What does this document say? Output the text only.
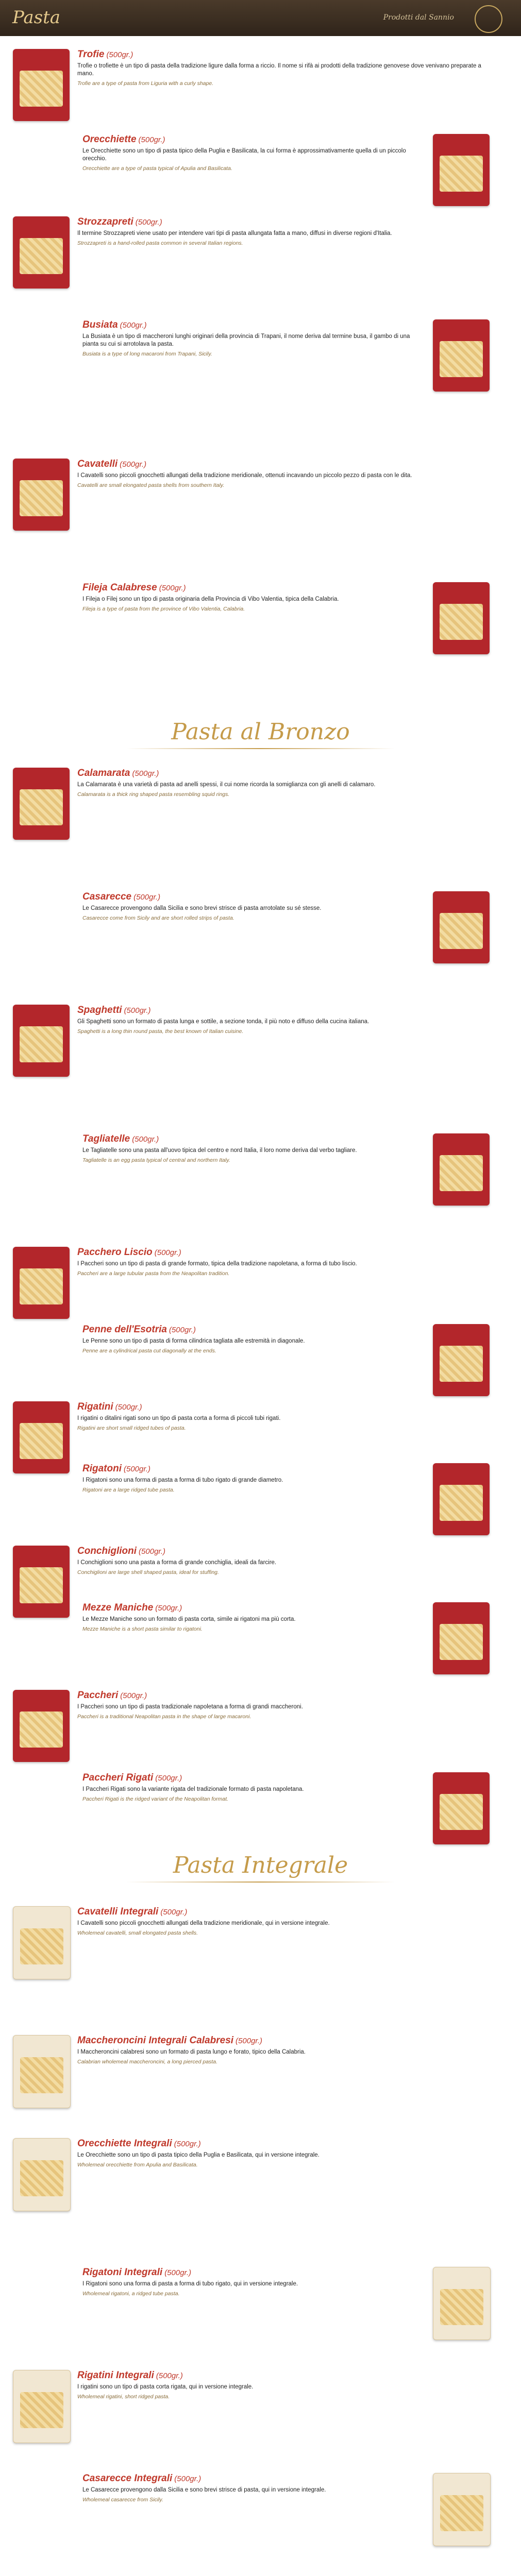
Pasta	Prodotti dal Sannio
Pasta al Bronzo
Pasta Integrale
Trofie (500gr.)
Trofie o trofiette è un tipo di pasta della tradizione ligure dalla forma a riccio. Il nome si rifà ai prodotti della tradizione genovese dove venivano preparate a mano.
Trofie are a type of pasta from Liguria with a curly shape.
Orecchiette (500gr.)
Le Orecchiette sono un tipo di pasta tipico della Puglia e Basilicata, la cui forma è approssimativamente quella di un piccolo orecchio.
Orecchiette are a type of pasta typical of Apulia and Basilicata.
Strozzapreti (500gr.)
Il termine Strozzapreti viene usato per intendere vari tipi di pasta allungata fatta a mano, diffusi in diverse regioni d'Italia.
Strozzapreti is a hand-rolled pasta common in several Italian regions.
Busiata (500gr.)
La Busiata è un tipo di maccheroni lunghi originari della provincia di Trapani, il nome deriva dal termine busa, il gambo di una pianta su cui si arrotolava la pasta.
Busiata is a type of long macaroni from Trapani, Sicily.
Cavatelli (500gr.)
I Cavatelli sono piccoli gnocchetti allungati della tradizione meridionale, ottenuti incavando un piccolo pezzo di pasta con le dita.
Cavatelli are small elongated pasta shells from southern Italy.
Fileja Calabrese (500gr.)
I Fileja o Filej sono un tipo di pasta originaria della Provincia di Vibo Valentia, tipica della Calabria.
Fileja is a type of pasta from the province of Vibo Valentia, Calabria.
Calamarata (500gr.)
La Calamarata è una varietà di pasta ad anelli spessi, il cui nome ricorda la somiglianza con gli anelli di calamaro.
Calamarata is a thick ring shaped pasta resembling squid rings.
Casarecce (500gr.)
Le Casarecce provengono dalla Sicilia e sono brevi strisce di pasta arrotolate su sé stesse.
Casarecce come from Sicily and are short rolled strips of pasta.
Spaghetti (500gr.)
Gli Spaghetti sono un formato di pasta lunga e sottile, a sezione tonda, il più noto e diffuso della cucina italiana.
Spaghetti is a long thin round pasta, the best known of Italian cuisine.
Tagliatelle (500gr.)
Le Tagliatelle sono una pasta all'uovo tipica del centro e nord Italia, il loro nome deriva dal verbo tagliare.
Tagliatelle is an egg pasta typical of central and northern Italy.
Pacchero Liscio (500gr.)
I Paccheri sono un tipo di pasta di grande formato, tipica della tradizione napoletana, a forma di tubo liscio.
Paccheri are a large tubular pasta from the Neapolitan tradition.
Penne dell'Esotria (500gr.)
Le Penne sono un tipo di pasta di forma cilindrica tagliata alle estremità in diagonale.
Penne are a cylindrical pasta cut diagonally at the ends.
Rigatini (500gr.)
I rigatini o ditalini rigati sono un tipo di pasta corta a forma di piccoli tubi rigati.
Rigatini are short small ridged tubes of pasta.
Rigatoni (500gr.)
I Rigatoni sono una forma di pasta a forma di tubo rigato di grande diametro.
Rigatoni are a large ridged tube pasta.
Conchiglioni (500gr.)
I Conchiglioni sono una pasta a forma di grande conchiglia, ideali da farcire.
Conchiglioni are large shell shaped pasta, ideal for stuffing.
Mezze Maniche (500gr.)
Le Mezze Maniche sono un formato di pasta corta, simile ai rigatoni ma più corta.
Mezze Maniche is a short pasta similar to rigatoni.
Paccheri (500gr.)
I Paccheri sono un tipo di pasta tradizionale napoletana a forma di grandi maccheroni.
Paccheri is a traditional Neapolitan pasta in the shape of large macaroni.
Paccheri Rigati (500gr.)
I Paccheri Rigati sono la variante rigata del tradizionale formato di pasta napoletana.
Paccheri Rigati is the ridged variant of the Neapolitan format.
Cavatelli Integrali (500gr.)
I Cavatelli sono piccoli gnocchetti allungati della tradizione meridionale, qui in versione integrale.
Wholemeal cavatelli, small elongated pasta shells.
Maccheroncini Integrali Calabresi (500gr.)
I Maccheroncini calabresi sono un formato di pasta lungo e forato, tipico della Calabria.
Calabrian wholemeal maccheroncini, a long pierced pasta.
Orecchiette Integrali (500gr.)
Le Orecchiette sono un tipo di pasta tipico della Puglia e Basilicata, qui in versione integrale.
Wholemeal orecchiette from Apulia and Basilicata.
Rigatoni Integrali (500gr.)
I Rigatoni sono una forma di pasta a forma di tubo rigato, qui in versione integrale.
Wholemeal rigatoni, a ridged tube pasta.
Rigatini Integrali (500gr.)
I rigatini sono un tipo di pasta corta rigata, qui in versione integrale.
Wholemeal rigatini, short ridged pasta.
Casarecce Integrali (500gr.)
Le Casarecce provengono dalla Sicilia e sono brevi strisce di pasta, qui in versione integrale.
Wholemeal casarecce from Sicily.
